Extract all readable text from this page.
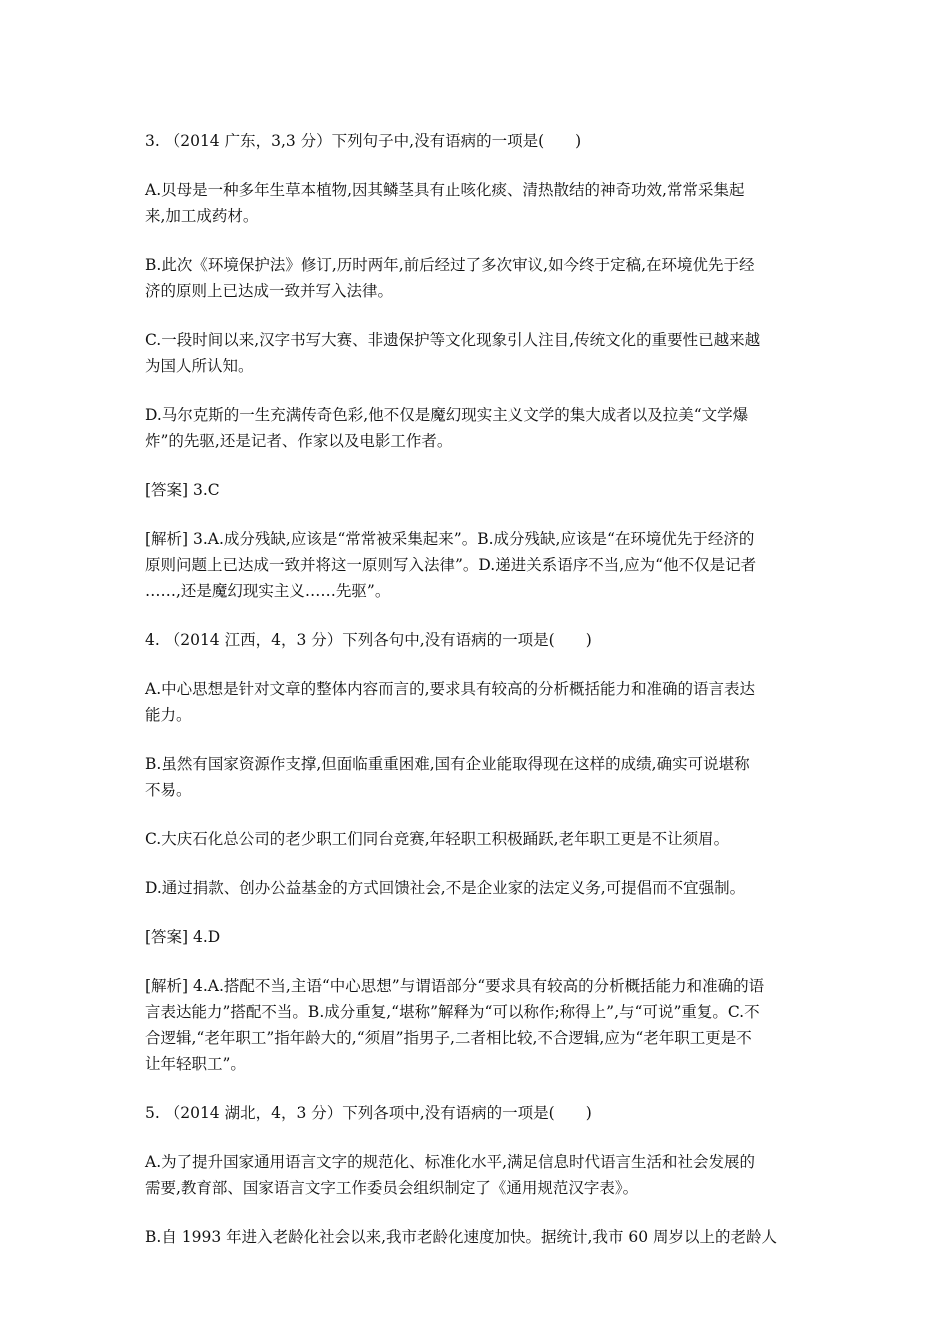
3. （2014 广东，3,3 分）下列句子中,没有语病的一项是(　　)
A.贝母是一种多年生草本植物,因其鳞茎具有止咳化痰、清热散结的神奇功效,常常采集起
来,加工成药材。
B.此次《环境保护法》修订,历时两年,前后经过了多次审议,如今终于定稿,在环境优先于经
济的原则上已达成一致并写入法律。
C.一段时间以来,汉字书写大赛、非遗保护等文化现象引人注目,传统文化的重要性已越来越
为国人所认知。
D.马尔克斯的一生充满传奇色彩,他不仅是魔幻现实主义文学的集大成者以及拉美“文学爆
炸”的先驱,还是记者、作家以及电影工作者。
[答案] 3.C
[解析] 3.A.成分残缺,应该是“常常被采集起来”。B.成分残缺,应该是“在环境优先于经济的
原则问题上已达成一致并将这一原则写入法律”。D.递进关系语序不当,应为“他不仅是记者
……,还是魔幻现实主义……先驱”。
4. （2014 江西，4，3 分）下列各句中,没有语病的一项是(　　)
A.中心思想是针对文章的整体内容而言的,要求具有较高的分析概括能力和准确的语言表达
能力。
B.虽然有国家资源作支撑,但面临重重困难,国有企业能取得现在这样的成绩,确实可说堪称
不易。
C.大庆石化总公司的老少职工们同台竞赛,年轻职工积极踊跃,老年职工更是不让须眉。
D.通过捐款、创办公益基金的方式回馈社会,不是企业家的法定义务,可提倡而不宜强制。
[答案] 4.D
[解析] 4.A.搭配不当,主语“中心思想”与谓语部分“要求具有较高的分析概括能力和准确的语
言表达能力”搭配不当。B.成分重复,“堪称”解释为“可以称作;称得上”,与“可说”重复。C.不
合逻辑,“老年职工”指年龄大的,“须眉”指男子,二者相比较,不合逻辑,应为“老年职工更是不
让年轻职工”。
5. （2014 湖北，4，3 分）下列各项中,没有语病的一项是(　　)
A.为了提升国家通用语言文字的规范化、标准化水平,满足信息时代语言生活和社会发展的
需要,教育部、国家语言文字工作委员会组织制定了《通用规范汉字表》。
B.自 1993 年进入老龄化社会以来,我市老龄化速度加快。据统计,我市 60 周岁以上的老龄人
